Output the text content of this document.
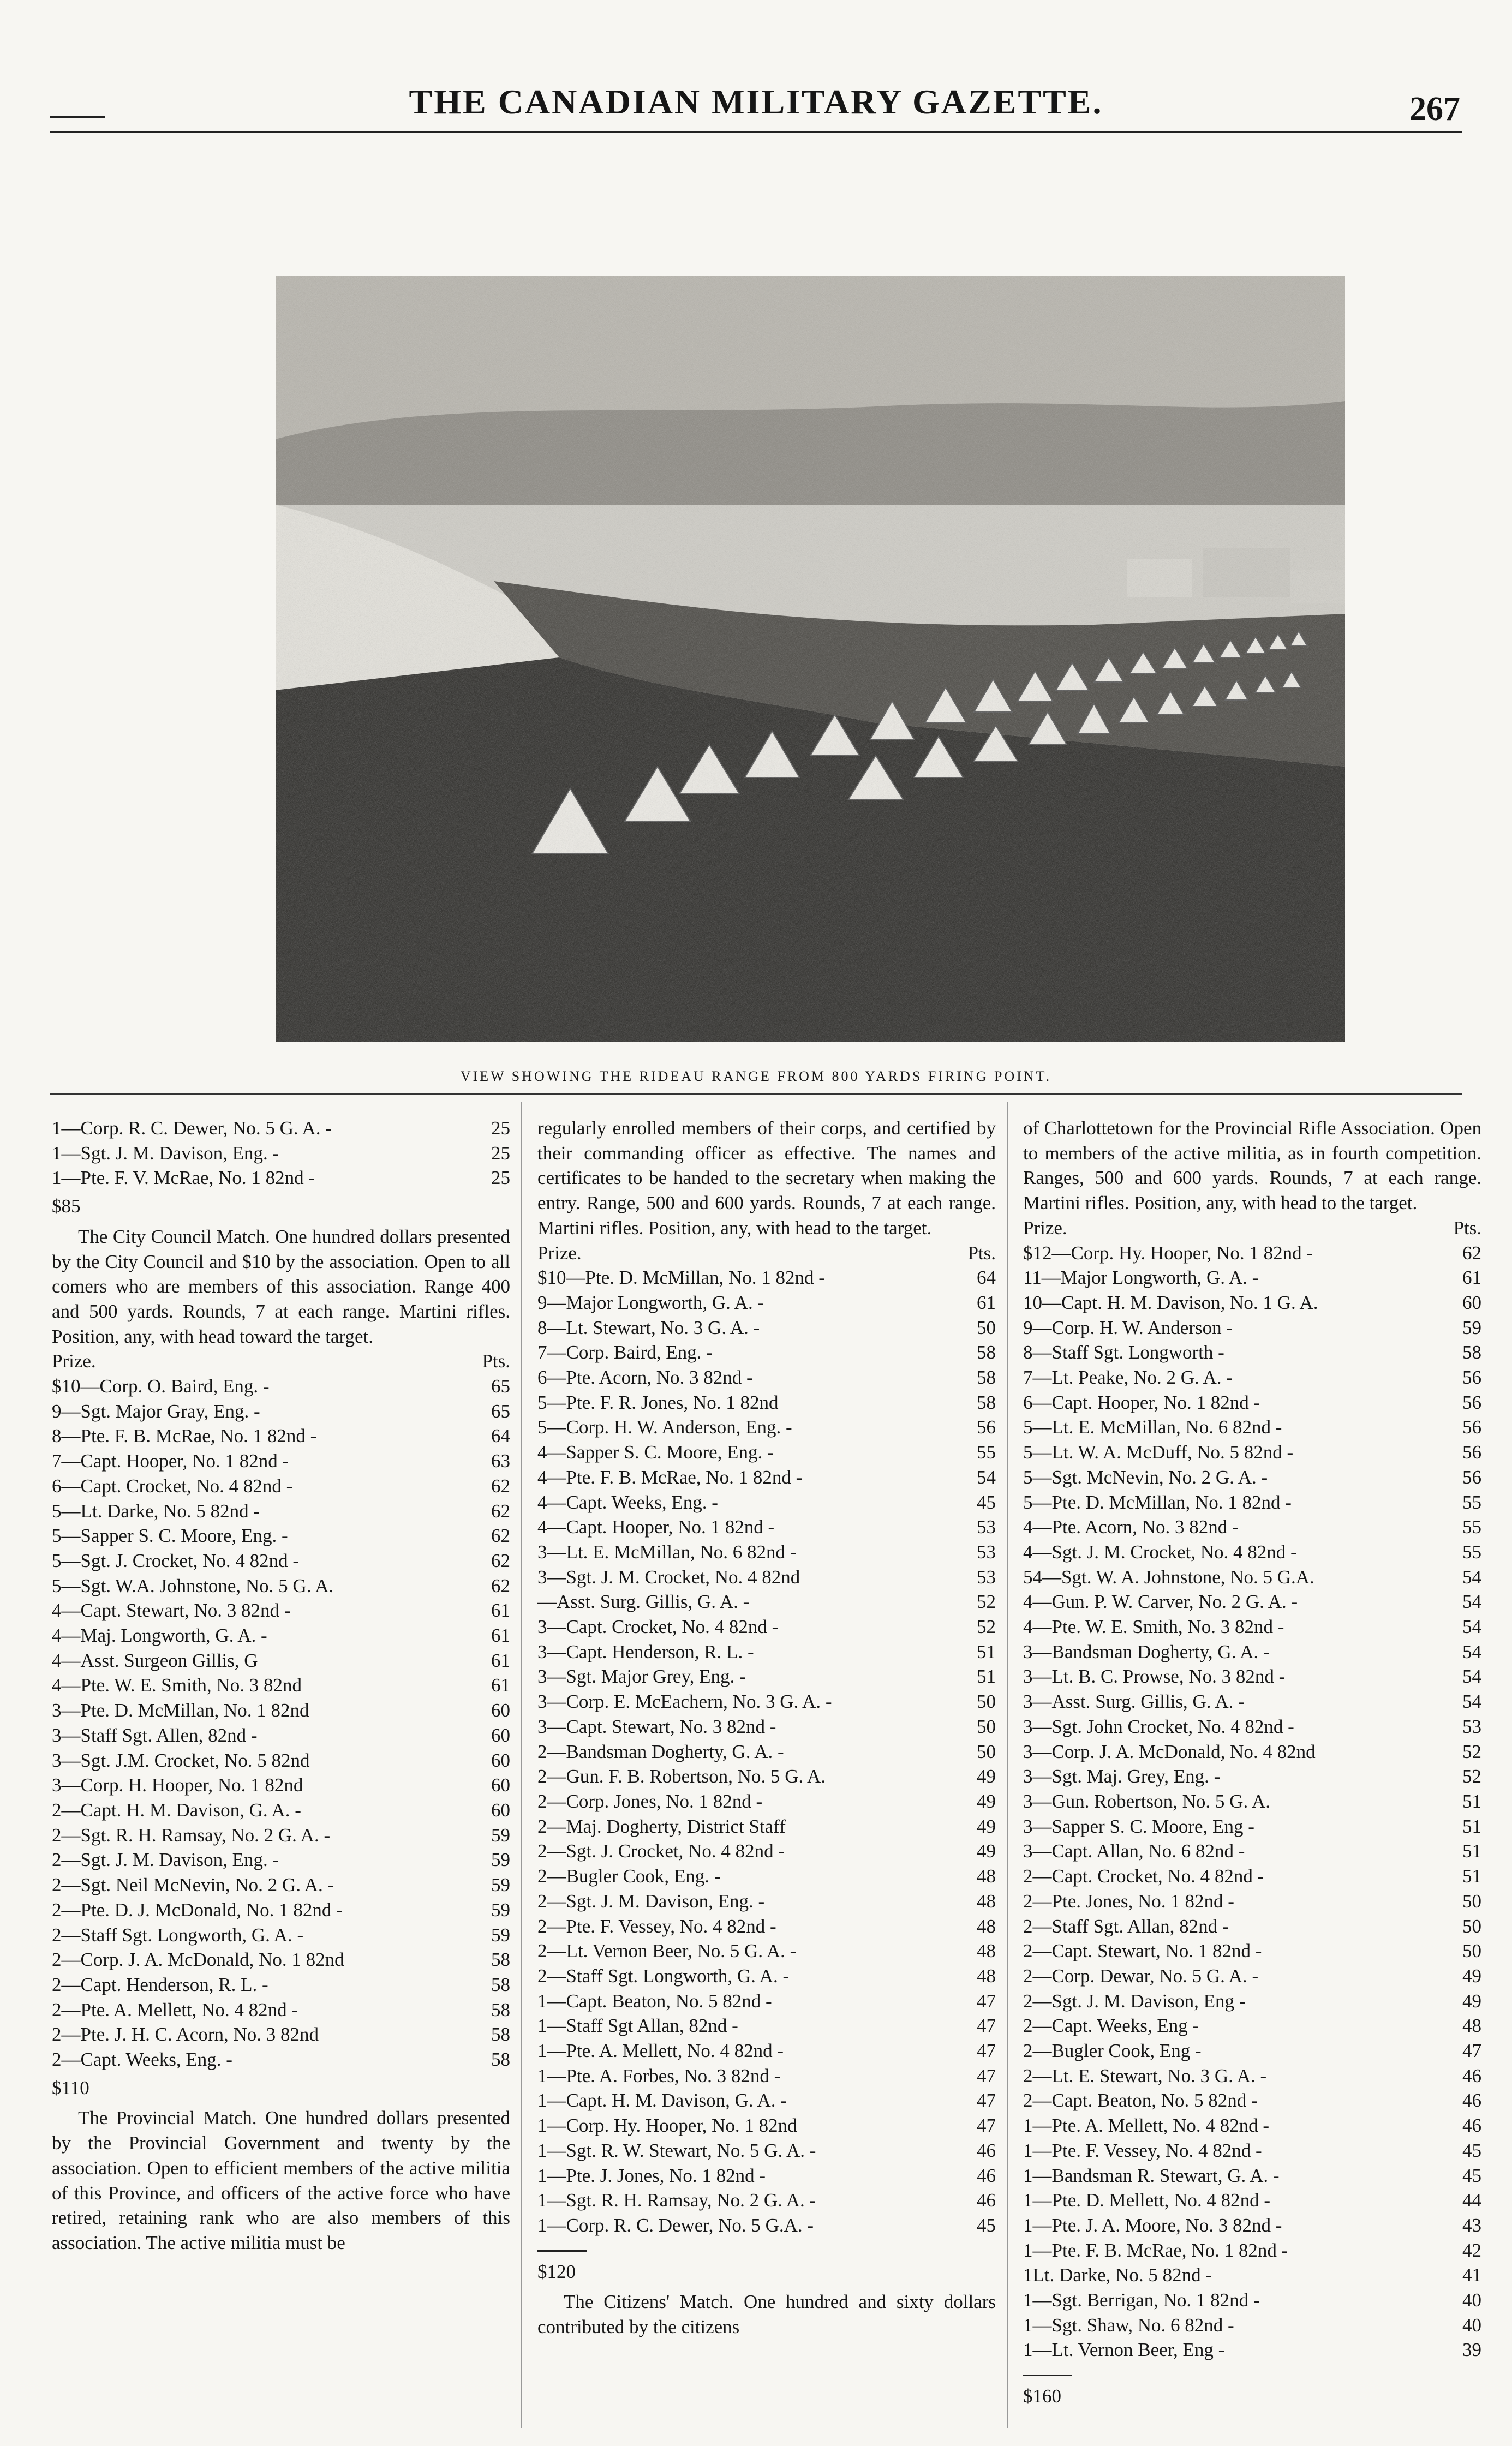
THE CANADIAN MILITARY GAZETTE.	267
VIEW SHOWING THE RIDEAU RANGE FROM 800 YARDS FIRING POINT.
1—Corp. R. C. Dewer, No. 5 G. A. -	25
1—Sgt. J. M. Davison, Eng. -	25
1—Pte. F. V. McRae, No. 1 82nd -	25
$85

The City Council Match. One hundred dollars presented by the City Council and $10 by the association. Open to all comers who are members of this association. Range 400 and 500 yards. Rounds, 7 at each range. Martini rifles. Position, any, with head toward the target.

Prize.	Pts.
$10—Corp. O. Baird, Eng. -	65
9—Sgt. Major Gray, Eng. -	65
8—Pte. F. B. McRae, No. 1 82nd -	64
7—Capt. Hooper, No. 1 82nd -	63
6—Capt. Crocket, No. 4 82nd -	62
5—Lt. Darke, No. 5 82nd -	62
5—Sapper S. C. Moore, Eng. -	62
5—Sgt. J. Crocket, No. 4 82nd -	62
5—Sgt. W.A. Johnstone, No. 5 G. A.	62
4—Capt. Stewart, No. 3 82nd -	61
4—Maj. Longworth, G. A. -	61
4—Asst. Surgeon Gillis, G	61
4—Pte. W. E. Smith, No. 3 82nd	61
3—Pte. D. McMillan, No. 1 82nd	60
3—Staff Sgt. Allen, 82nd -	60
3—Sgt. J.M. Crocket, No. 5 82nd	60
3—Corp. H. Hooper, No. 1 82nd	60
2—Capt. H. M. Davison, G. A. -	60
2—Sgt. R. H. Ramsay, No. 2 G. A. -	59
2—Sgt. J. M. Davison, Eng. -	59
2—Sgt. Neil McNevin, No. 2 G. A. -	59
2—Pte. D. J. McDonald, No. 1 82nd -	59
2—Staff Sgt. Longworth, G. A. -	59
2—Corp. J. A. McDonald, No. 1 82nd	58
2—Capt. Henderson, R. L. -	58
2—Pte. A. Mellett, No. 4 82nd -	58
2—Pte. J. H. C. Acorn, No. 3 82nd	58
2—Capt. Weeks, Eng. -	58
$110

The Provincial Match. One hundred dollars presented by the Provincial Government and twenty by the association. Open to efficient members of the active militia of this Province, and officers of the active force who have retired, retaining rank who are also members of this association. The active militia must be

regularly enrolled members of their corps, and certified by their commanding officer as effective. The names and certificates to be handed to the secretary when making the entry. Range, 500 and 600 yards. Rounds, 7 at each range. Martini rifles. Position, any, with head to the target.

Prize.	Pts.
$10—Pte. D. McMillan, No. 1 82nd -	64
9—Major Longworth, G. A. -	61
8—Lt. Stewart, No. 3 G. A. -	50
7—Corp. Baird, Eng. -	58
6—Pte. Acorn, No. 3 82nd -	58
5—Pte. F. R. Jones, No. 1 82nd	58
5—Corp. H. W. Anderson, Eng. -	56
4—Sapper S. C. Moore, Eng. -	55
4—Pte. F. B. McRae, No. 1 82nd -	54
4—Capt. Weeks, Eng. -	45
4—Capt. Hooper, No. 1 82nd -	53
3—Lt. E. McMillan, No. 6 82nd -	53
3—Sgt. J. M. Crocket, No. 4 82nd	53
—Asst. Surg. Gillis, G. A. -	52
3—Capt. Crocket, No. 4 82nd -	52
3—Capt. Henderson, R. L. -	51
3—Sgt. Major Grey, Eng. -	51
3—Corp. E. McEachern, No. 3 G. A. -	50
3—Capt. Stewart, No. 3 82nd -	50
2—Bandsman Dogherty, G. A. -	50
2—Gun. F. B. Robertson, No. 5 G. A.	49
2—Corp. Jones, No. 1 82nd -	49
2—Maj. Dogherty, District Staff	49
2—Sgt. J. Crocket, No. 4 82nd -	49
2—Bugler Cook, Eng. -	48
2—Sgt. J. M. Davison, Eng. -	48
2—Pte. F. Vessey, No. 4 82nd -	48
2—Lt. Vernon Beer, No. 5 G. A. -	48
2—Staff Sgt. Longworth, G. A. -	48
1—Capt. Beaton, No. 5 82nd -	47
1—Staff Sgt Allan, 82nd -	47
1—Pte. A. Mellett, No. 4 82nd -	47
1—Pte. A. Forbes, No. 3 82nd -	47
1—Capt. H. M. Davison, G. A. -	47
1—Corp. Hy. Hooper, No. 1 82nd	47
1—Sgt. R. W. Stewart, No. 5 G. A. -	46
1—Pte. J. Jones, No. 1 82nd -	46
1—Sgt. R. H. Ramsay, No. 2 G. A. -	46
1—Corp. R. C. Dewer, No. 5 G.A. -	45
$120

The Citizens' Match. One hundred and sixty dollars contributed by the citizens

of Charlottetown for the Provincial Rifle Association. Open to members of the active militia, as in fourth competition. Ranges, 500 and 600 yards. Rounds, 7 at each range. Martini rifles. Position, any, with head to the target.

Prize.	Pts.
$12—Corp. Hy. Hooper, No. 1 82nd -	62
11—Major Longworth, G. A. -	61
10—Capt. H. M. Davison, No. 1 G. A.	60
9—Corp. H. W. Anderson -	59
8—Staff Sgt. Longworth -	58
7—Lt. Peake, No. 2 G. A. -	56
6—Capt. Hooper, No. 1 82nd -	56
5—Lt. E. McMillan, No. 6 82nd -	56
5—Lt. W. A. McDuff, No. 5 82nd -	56
5—Sgt. McNevin, No. 2 G. A. -	56
5—Pte. D. McMillan, No. 1 82nd -	55
4—Pte. Acorn, No. 3 82nd -	55
4—Sgt. J. M. Crocket, No. 4 82nd -	55
54—Sgt. W. A. Johnstone, No. 5 G.A.	54
4—Gun. P. W. Carver, No. 2 G. A. -	54
4—Pte. W. E. Smith, No. 3 82nd -	54
3—Bandsman Dogherty, G. A. -	54
3—Lt. B. C. Prowse, No. 3 82nd -	54
3—Asst. Surg. Gillis, G. A. -	54
3—Sgt. John Crocket, No. 4 82nd -	53
3—Corp. J. A. McDonald, No. 4 82nd	52
3—Sgt. Maj. Grey, Eng. -	52
3—Gun. Robertson, No. 5 G. A.	51
3—Sapper S. C. Moore, Eng -	51
3—Capt. Allan, No. 6 82nd -	51
2—Capt. Crocket, No. 4 82nd -	51
2—Pte. Jones, No. 1 82nd -	50
2—Staff Sgt. Allan, 82nd -	50
2—Capt. Stewart, No. 1 82nd -	50
2—Corp. Dewar, No. 5 G. A. -	49
2—Sgt. J. M. Davison, Eng -	49
2—Capt. Weeks, Eng -	48
2—Bugler Cook, Eng -	47
2—Lt. E. Stewart, No. 3 G. A. -	46
2—Capt. Beaton, No. 5 82nd -	46
1—Pte. A. Mellett, No. 4 82nd -	46
1—Pte. F. Vessey, No. 4 82nd -	45
1—Bandsman R. Stewart, G. A. -	45
1—Pte. D. Mellett, No. 4 82nd -	44
1—Pte. J. A. Moore, No. 3 82nd -	43
1—Pte. F. B. McRae, No. 1 82nd -	42
1Lt. Darke, No. 5 82nd -	41
1—Sgt. Berrigan, No. 1 82nd -	40
1—Sgt. Shaw, No. 6 82nd -	40
1—Lt. Vernon Beer, Eng -	39
$160
